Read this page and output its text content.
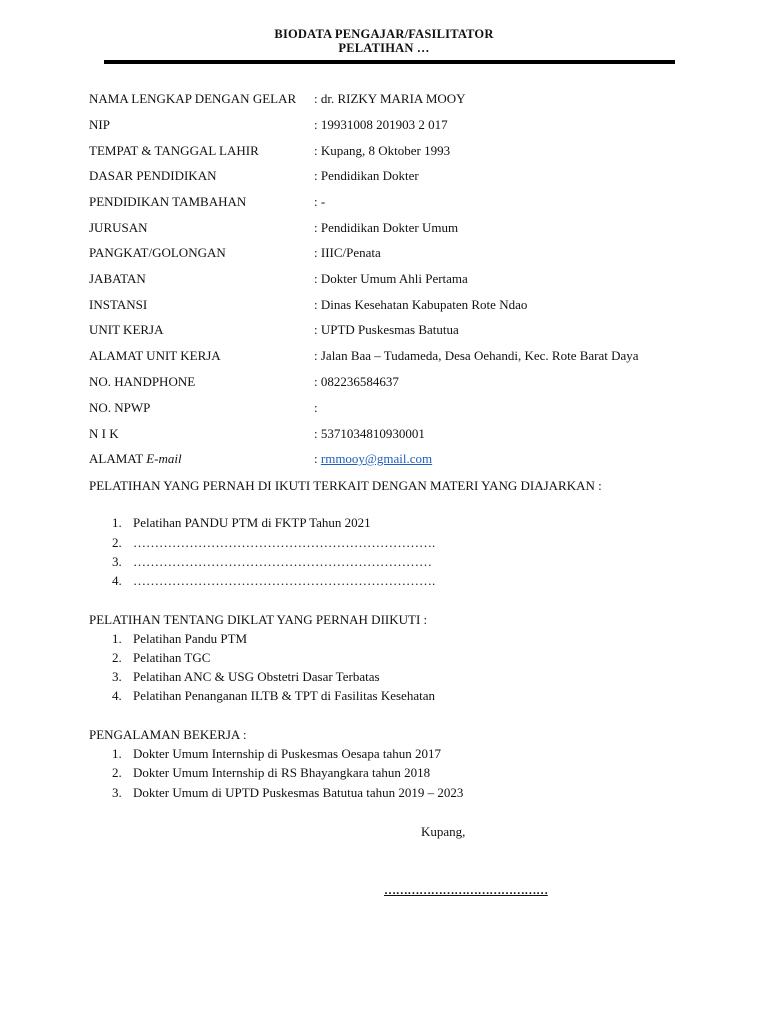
BIODATA PENGAJAR/FASILITATOR
PELATIHAN …
NAMA LENGKAP DENGAN GELAR : dr. RIZKY MARIA MOOY
NIP	: 19931008 201903 2 017
TEMPAT & TANGGAL LAHIR	: Kupang, 8 Oktober 1993
DASAR PENDIDIKAN	: Pendidikan Dokter
PENDIDIKAN TAMBAHAN	: -
JURUSAN	: Pendidikan Dokter Umum
PANGKAT/GOLONGAN	: IIIC/Penata
JABATAN	: Dokter Umum Ahli Pertama
INSTANSI	: Dinas Kesehatan Kabupaten Rote Ndao
UNIT KERJA	: UPTD Puskesmas Batutua
ALAMAT UNIT KERJA	: Jalan Baa – Tudameda, Desa Oehandi, Kec. Rote Barat Daya
NO. HANDPHONE	: 082236584637
NO. NPWP	:
N I K	: 5371034810930001
ALAMAT E-mail	: rmmooy@gmail.com
PELATIHAN YANG PERNAH DI IKUTI TERKAIT DENGAN MATERI YANG DIAJARKAN :
1. Pelatihan PANDU PTM di FKTP Tahun 2021
2. …………………………………………………………….
3. ……………………………………………………………
4. …………………………………………………………….
PELATIHAN TENTANG DIKLAT YANG PERNAH DIIKUTI :
1. Pelatihan Pandu PTM
2. Pelatihan TGC
3. Pelatihan ANC & USG Obstetri Dasar Terbatas
4. Pelatihan Penanganan ILTB & TPT di Fasilitas Kesehatan
PENGALAMAN BEKERJA :
1. Dokter Umum Internship di Puskesmas Oesapa tahun 2017
2. Dokter Umum Internship di RS Bhayangkara tahun 2018
3. Dokter Umum di UPTD Puskesmas Batutua tahun 2019 – 2023
Kupang,
……………………………………
